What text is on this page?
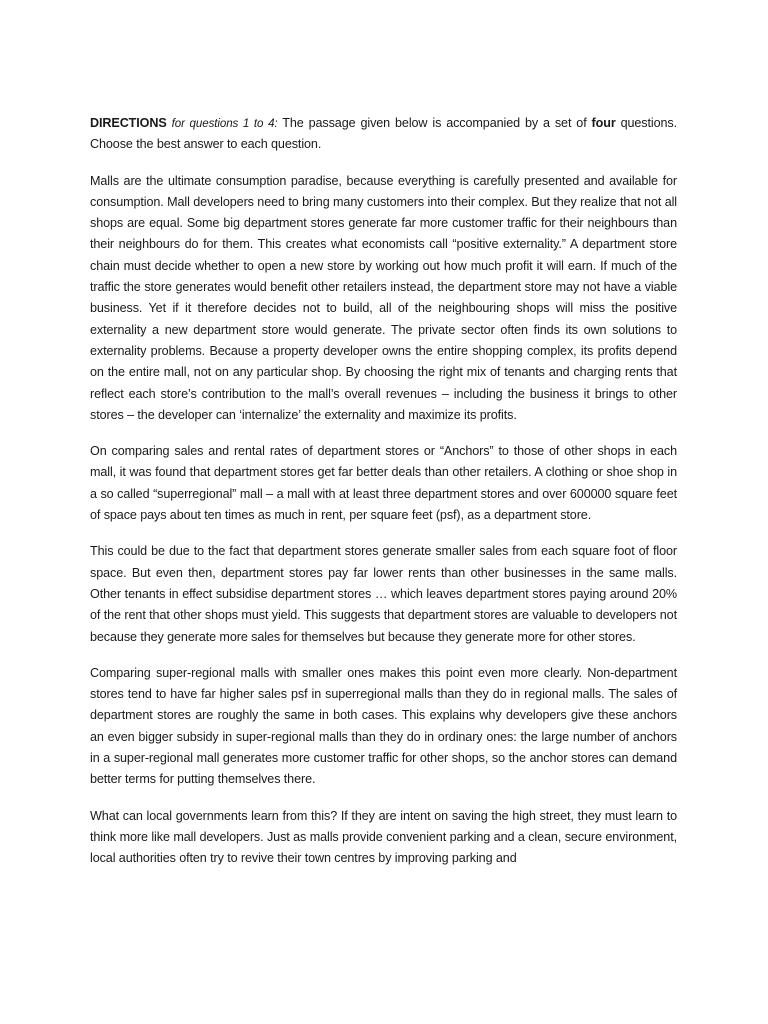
DIRECTIONS for questions 1 to 4: The passage given below is accompanied by a set of four questions. Choose the best answer to each question.

Malls are the ultimate consumption paradise, because everything is carefully presented and available for consumption. Mall developers need to bring many customers into their complex. But they realize that not all shops are equal. Some big department stores generate far more customer traffic for their neighbours than their neighbours do for them. This creates what economists call “positive externality.” A department store chain must decide whether to open a new store by working out how much profit it will earn. If much of the traffic the store generates would benefit other retailers instead, the department store may not have a viable business. Yet if it therefore decides not to build, all of the neighbouring shops will miss the positive externality a new department store would generate. The private sector often finds its own solutions to externality problems. Because a property developer owns the entire shopping complex, its profits depend on the entire mall, not on any particular shop. By choosing the right mix of tenants and charging rents that reflect each store’s contribution to the mall’s overall revenues – including the business it brings to other stores – the developer can ‘internalize’ the externality and maximize its profits.

On comparing sales and rental rates of department stores or “Anchors” to those of other shops in each mall, it was found that department stores get far better deals than other retailers. A clothing or shoe shop in a so called “superregional” mall – a mall with at least three department stores and over 600000 square feet of space pays about ten times as much in rent, per square feet (psf), as a department store.

This could be due to the fact that department stores generate smaller sales from each square foot of floor space. But even then, department stores pay far lower rents than other businesses in the same malls. Other tenants in effect subsidise department stores … which leaves department stores paying around 20% of the rent that other shops must yield. This suggests that department stores are valuable to developers not because they generate more sales for themselves but because they generate more for other stores.

Comparing super-regional malls with smaller ones makes this point even more clearly. Non-department stores tend to have far higher sales psf in superregional malls than they do in regional malls. The sales of department stores are roughly the same in both cases. This explains why developers give these anchors an even bigger subsidy in super-regional malls than they do in ordinary ones: the large number of anchors in a super-regional mall generates more customer traffic for other shops, so the anchor stores can demand better terms for putting themselves there.

What can local governments learn from this? If they are intent on saving the high street, they must learn to think more like mall developers. Just as malls provide convenient parking and a clean, secure environment, local authorities often try to revive their town centres by improving parking and
